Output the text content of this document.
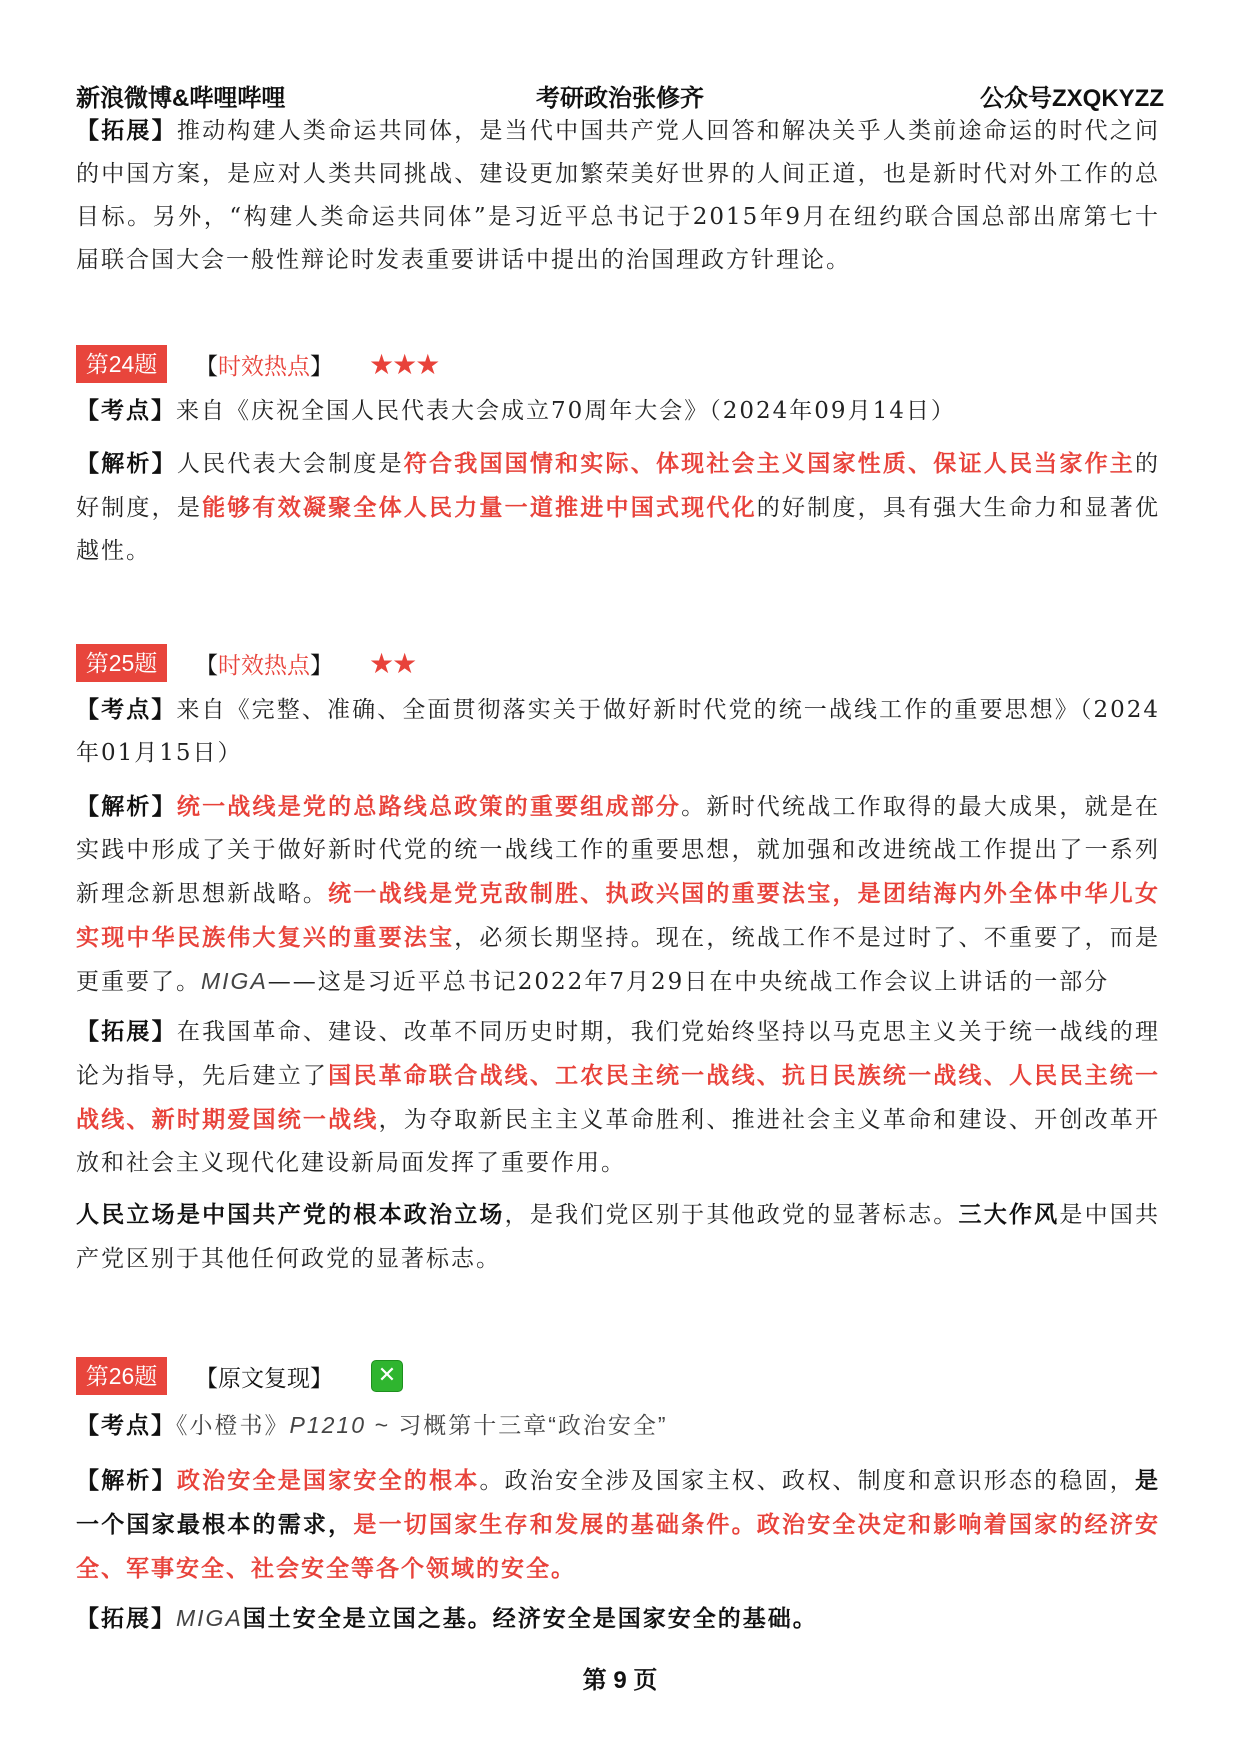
新浪微博&哔哩哔哩	考研政治张修齐	公众号ZXQKYZZ
【拓展】推动构建人类命运共同体，是当代中国共产党人回答和解决关乎人类前途命运的时代之问的中国方案，是应对人类共同挑战、建设更加繁荣美好世界的人间正道，也是新时代对外工作的总目标。另外，“构建人类命运共同体”是习近平总书记于2015年9月在纽约联合国总部出席第七十届联合国大会一般性辩论时发表重要讲话中提出的治国理政方针理论。
第24题	【时效热点】 ★★★
【考点】来自《庆祝全国人民代表大会成立70周年大会》（2024年09月14日）
【解析】人民代表大会制度是符合我国国情和实际、体现社会主义国家性质、保证人民当家作主的好制度，是能够有效凝聚全体人民力量一道推进中国式现代化的好制度，具有强大生命力和显著优越性。
第25题	【时效热点】 ★★
【考点】来自《完整、准确、全面贯彻落实关于做好新时代党的统一战线工作的重要思想》（2024年01月15日）
【解析】统一战线是党的总路线总政策的重要组成部分。新时代统战工作取得的最大成果，就是在实践中形成了关于做好新时代党的统一战线工作的重要思想，就加强和改进统战工作提出了一系列新理念新思想新战略。统一战线是党克敌制胜、执政兴国的重要法宝，是团结海内外全体中华儿女实现中华民族伟大复兴的重要法宝，必须长期坚持。现在，统战工作不是过时了、不重要了，而是更重要了。MIGA——这是习近平总书记2022年7月29日在中央统战工作会议上讲话的一部分
【拓展】在我国革命、建设、改革不同历史时期，我们党始终坚持以马克思主义关于统一战线的理论为指导，先后建立了国民革命联合战线、工农民主统一战线、抗日民族统一战线、人民民主统一战线、新时期爱国统一战线，为夺取新民主主义革命胜利、推进社会主义革命和建设、开创改革开放和社会主义现代化建设新局面发挥了重要作用。
人民立场是中国共产党的根本政治立场，是我们党区别于其他政党的显著标志。三大作风是中国共产党区别于其他任何政党的显著标志。
第26题	【原文复现】	✕
【考点】《小橙书》P1210 ~ 习概第十三章“政治安全”
【解析】政治安全是国家安全的根本。政治安全涉及国家主权、政权、制度和意识形态的稳固，是一个国家最根本的需求，是一切国家生存和发展的基础条件。政治安全决定和影响着国家的经济安全、军事安全、社会安全等各个领域的安全。
【拓展】MIGA国土安全是立国之基。经济安全是国家安全的基础。
第 9 页
